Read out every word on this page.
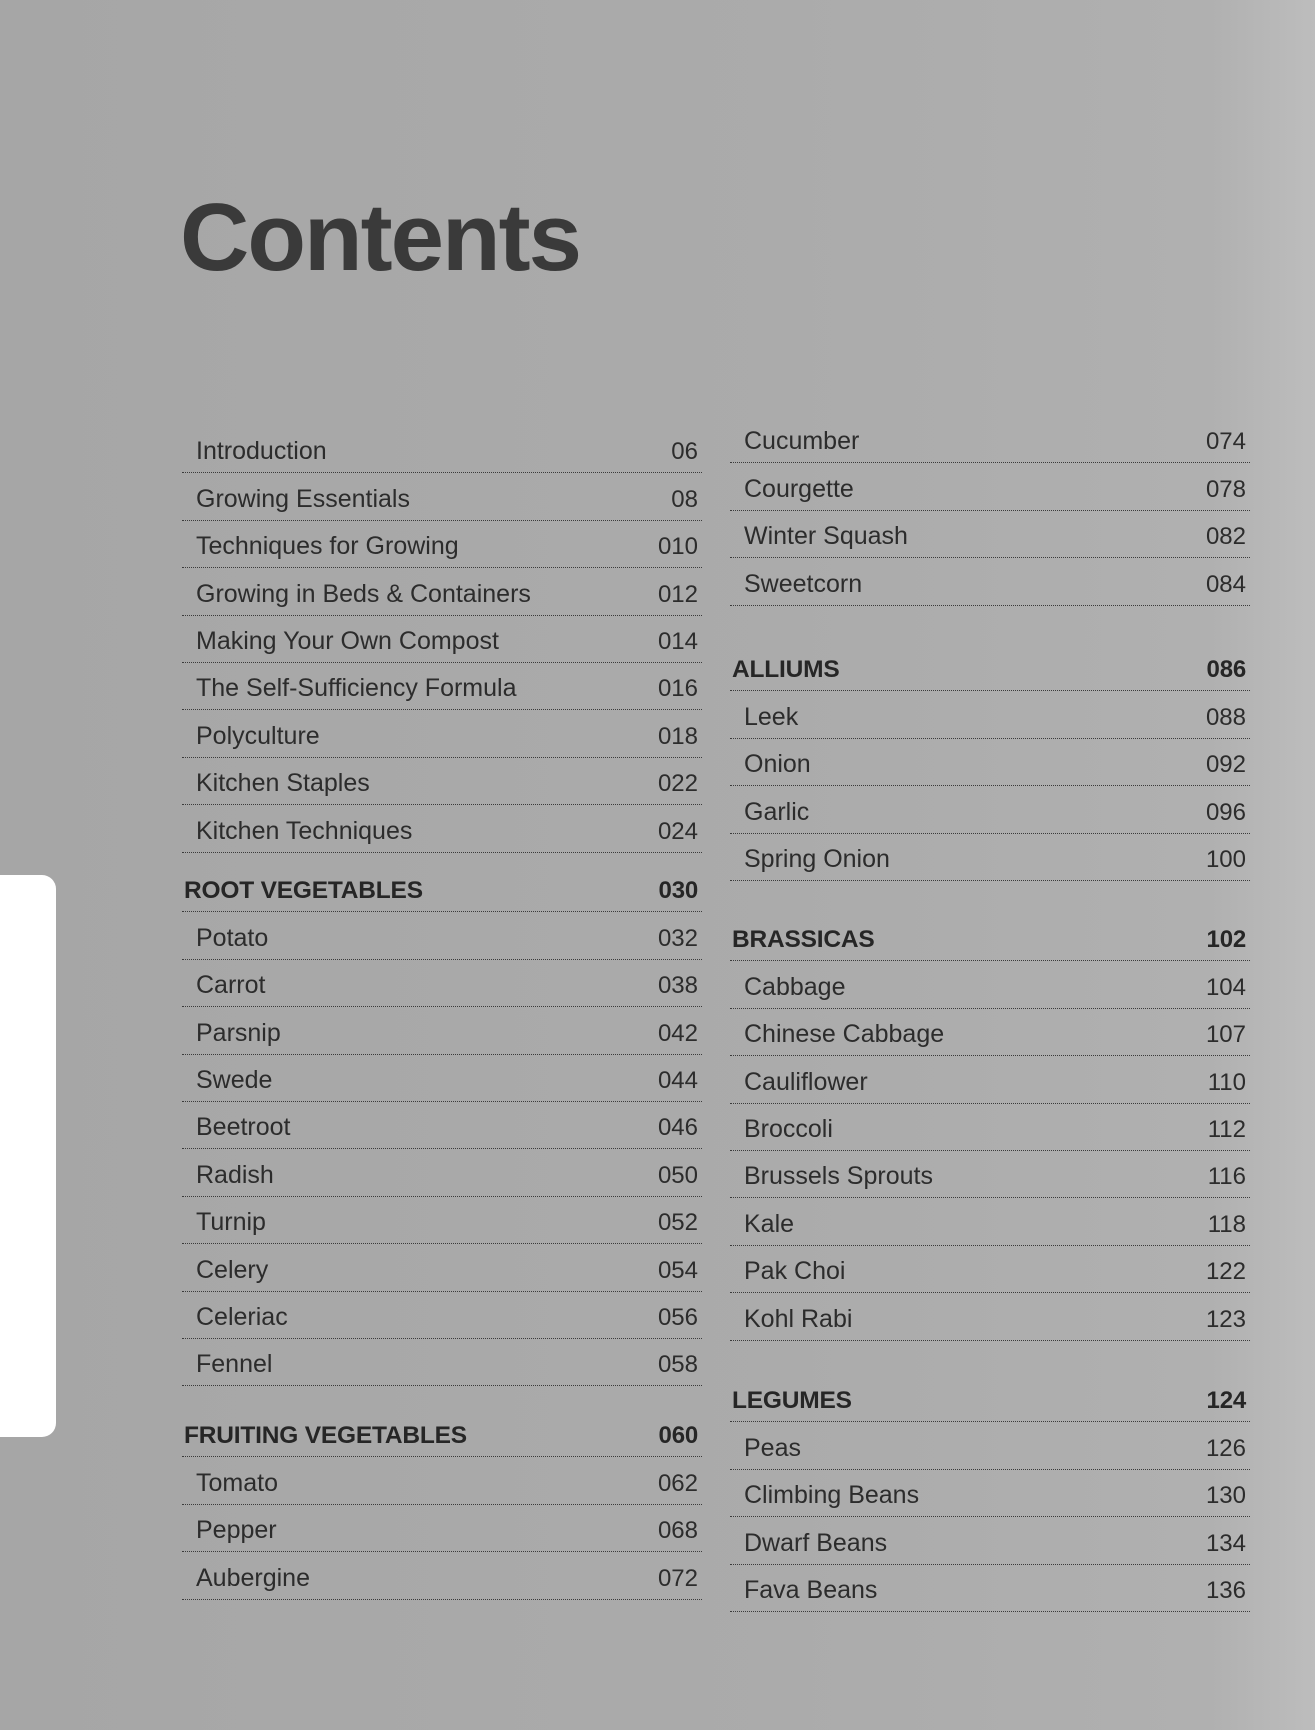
Contents
Introduction	06
Growing Essentials	08
Techniques for Growing	010
Growing in Beds & Containers	012
Making Your Own Compost	014
The Self-Sufficiency Formula	016
Polyculture	018
Kitchen Staples	022
Kitchen Techniques	024
ROOT VEGETABLES	030
Potato	032
Carrot	038
Parsnip	042
Swede	044
Beetroot	046
Radish	050
Turnip	052
Celery	054
Celeriac	056
Fennel	058
FRUITING VEGETABLES	060
Tomato	062
Pepper	068
Aubergine	072
Cucumber	074
Courgette	078
Winter Squash	082
Sweetcorn	084
ALLIUMS	086
Leek	088
Onion	092
Garlic	096
Spring Onion	100
BRASSICAS	102
Cabbage	104
Chinese Cabbage	107
Cauliflower	110
Broccoli	112
Brussels Sprouts	116
Kale	118
Pak Choi	122
Kohl Rabi	123
LEGUMES	124
Peas	126
Climbing Beans	130
Dwarf Beans	134
Fava Beans	136
